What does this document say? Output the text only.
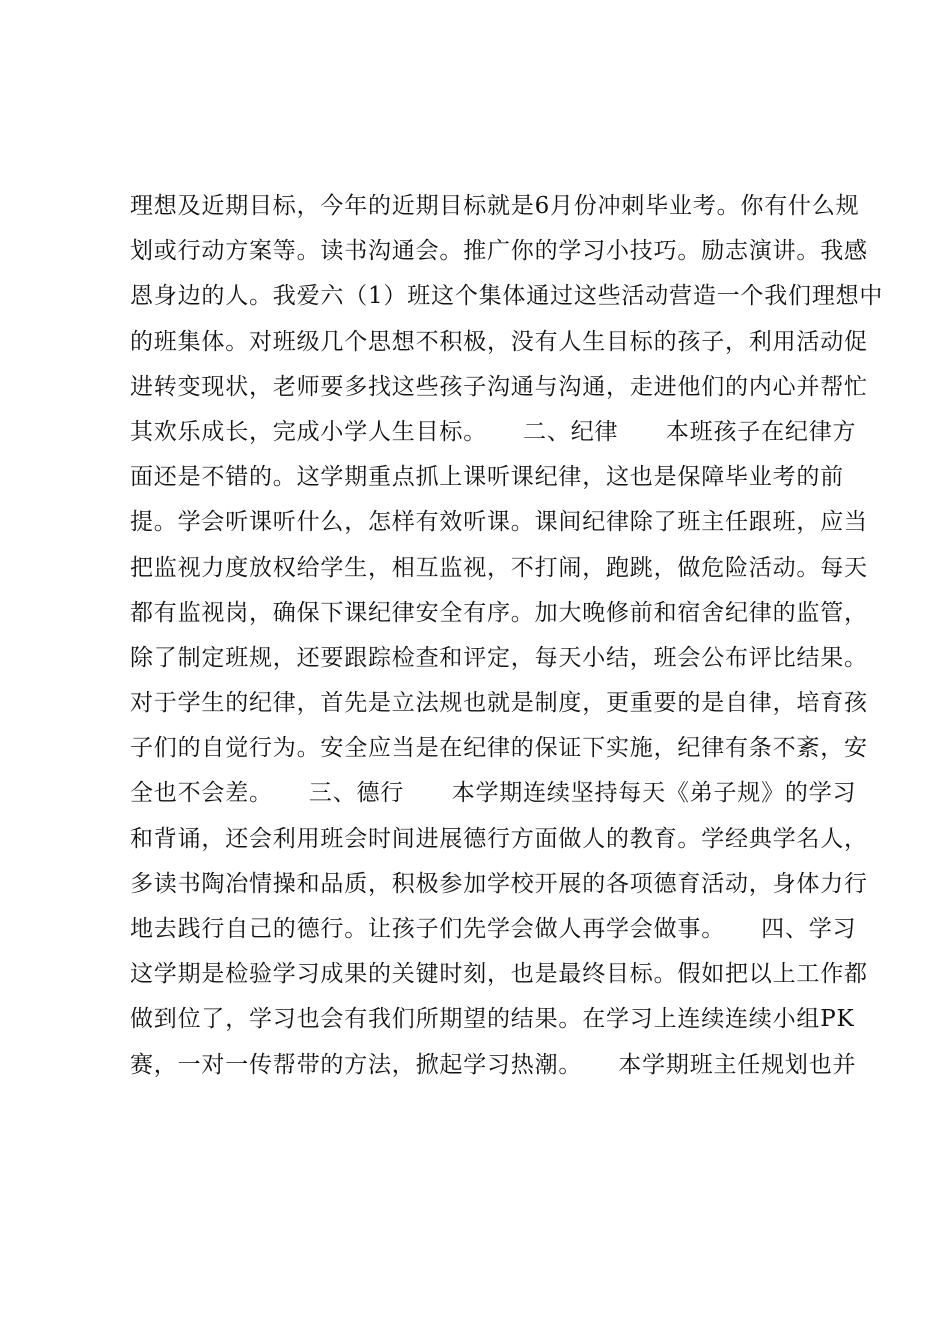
理想及近期目标，今年的近期目标就是6月份冲刺毕业考。你有什么规
划或行动方案等。读书沟通会。推广你的学习小技巧。励志演讲。我感
恩身边的人。我爱六（1）班这个集体通过这些活动营造一个我们理想中
的班集体。对班级几个思想不积极，没有人生目标的孩子，利用活动促
进转变现状，老师要多找这些孩子沟通与沟通，走进他们的内心并帮忙
其欢乐成长，完成小学人生目标。　　二、纪律　　本班孩子在纪律方
面还是不错的。这学期重点抓上课听课纪律，这也是保障毕业考的前
提。学会听课听什么，怎样有效听课。课间纪律除了班主任跟班，应当
把监视力度放权给学生，相互监视，不打闹，跑跳，做危险活动。每天
都有监视岗，确保下课纪律安全有序。加大晚修前和宿舍纪律的监管，
除了制定班规，还要跟踪检查和评定，每天小结，班会公布评比结果。
对于学生的纪律，首先是立法规也就是制度，更重要的是自律，培育孩
子们的自觉行为。安全应当是在纪律的保证下实施，纪律有条不紊，安
全也不会差。　　三、德行　　本学期连续坚持每天《弟子规》的学习
和背诵，还会利用班会时间进展德行方面做人的教育。学经典学名人，
多读书陶冶情操和品质，积极参加学校开展的各项德育活动，身体力行
地去践行自己的德行。让孩子们先学会做人再学会做事。　　四、学习
这学期是检验学习成果的关键时刻，也是最终目标。假如把以上工作都
做到位了，学习也会有我们所期望的结果。在学习上连续连续小组PK
赛，一对一传帮带的方法，掀起学习热潮。　　本学期班主任规划也并
